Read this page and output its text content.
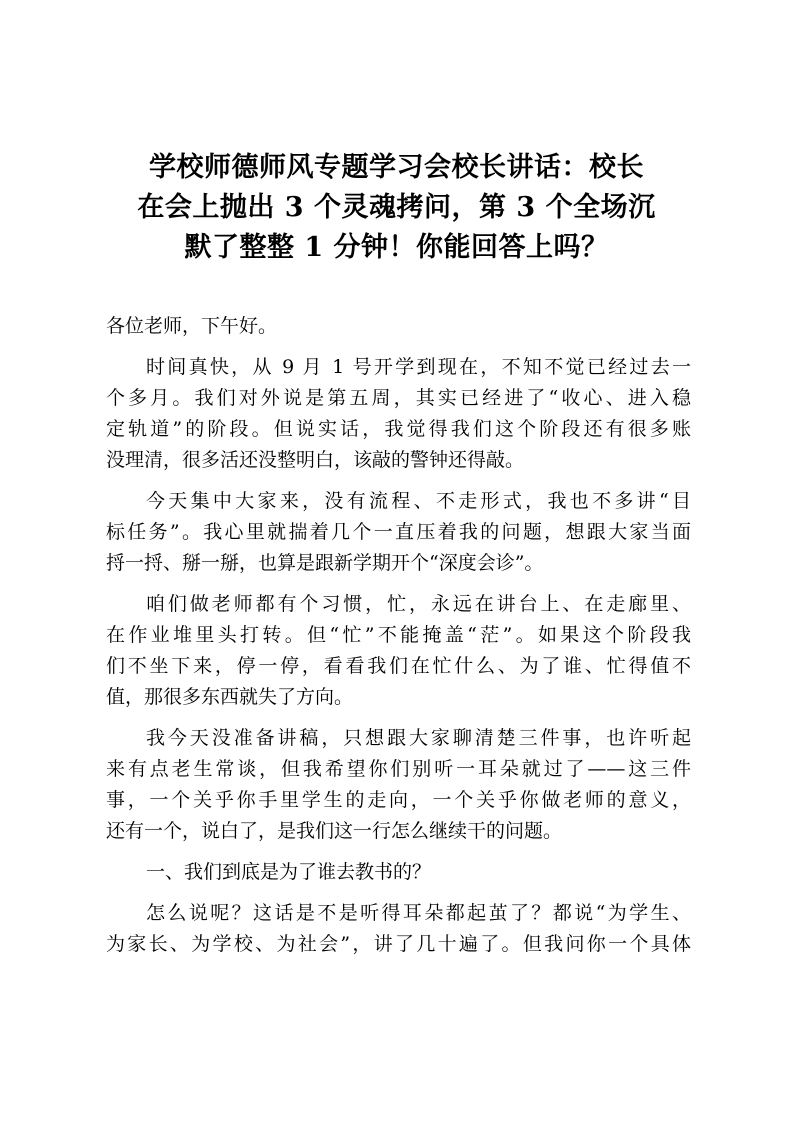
学校师德师风专题学习会校长讲话：校长
在会上抛出 3 个灵魂拷问，第 3 个全场沉
默了整整 1 分钟！你能回答上吗？
各位老师，下午好。
时间真快，从 9 月 1 号开学到现在，不知不觉已经过去一
个多月。我们对外说是第五周，其实已经进了“收心、进入稳
定轨道”的阶段。但说实话，我觉得我们这个阶段还有很多账
没理清，很多活还没整明白，该敲的警钟还得敲。
今天集中大家来，没有流程、不走形式，我也不多讲“目
标任务”。我心里就揣着几个一直压着我的问题，想跟大家当面
捋一捋、掰一掰，也算是跟新学期开个“深度会诊”。
咱们做老师都有个习惯，忙，永远在讲台上、在走廊里、
在作业堆里头打转。但“忙”不能掩盖“茫”。如果这个阶段我
们不坐下来，停一停，看看我们在忙什么、为了谁、忙得值不
值，那很多东西就失了方向。
我今天没准备讲稿，只想跟大家聊清楚三件事，也许听起
来有点老生常谈，但我希望你们别听一耳朵就过了——这三件
事，一个关乎你手里学生的走向，一个关乎你做老师的意义，
还有一个，说白了，是我们这一行怎么继续干的问题。
一、我们到底是为了谁去教书的？
怎么说呢？这话是不是听得耳朵都起茧了？都说“为学生、
为家长、为学校、为社会”，讲了几十遍了。但我问你一个具体
